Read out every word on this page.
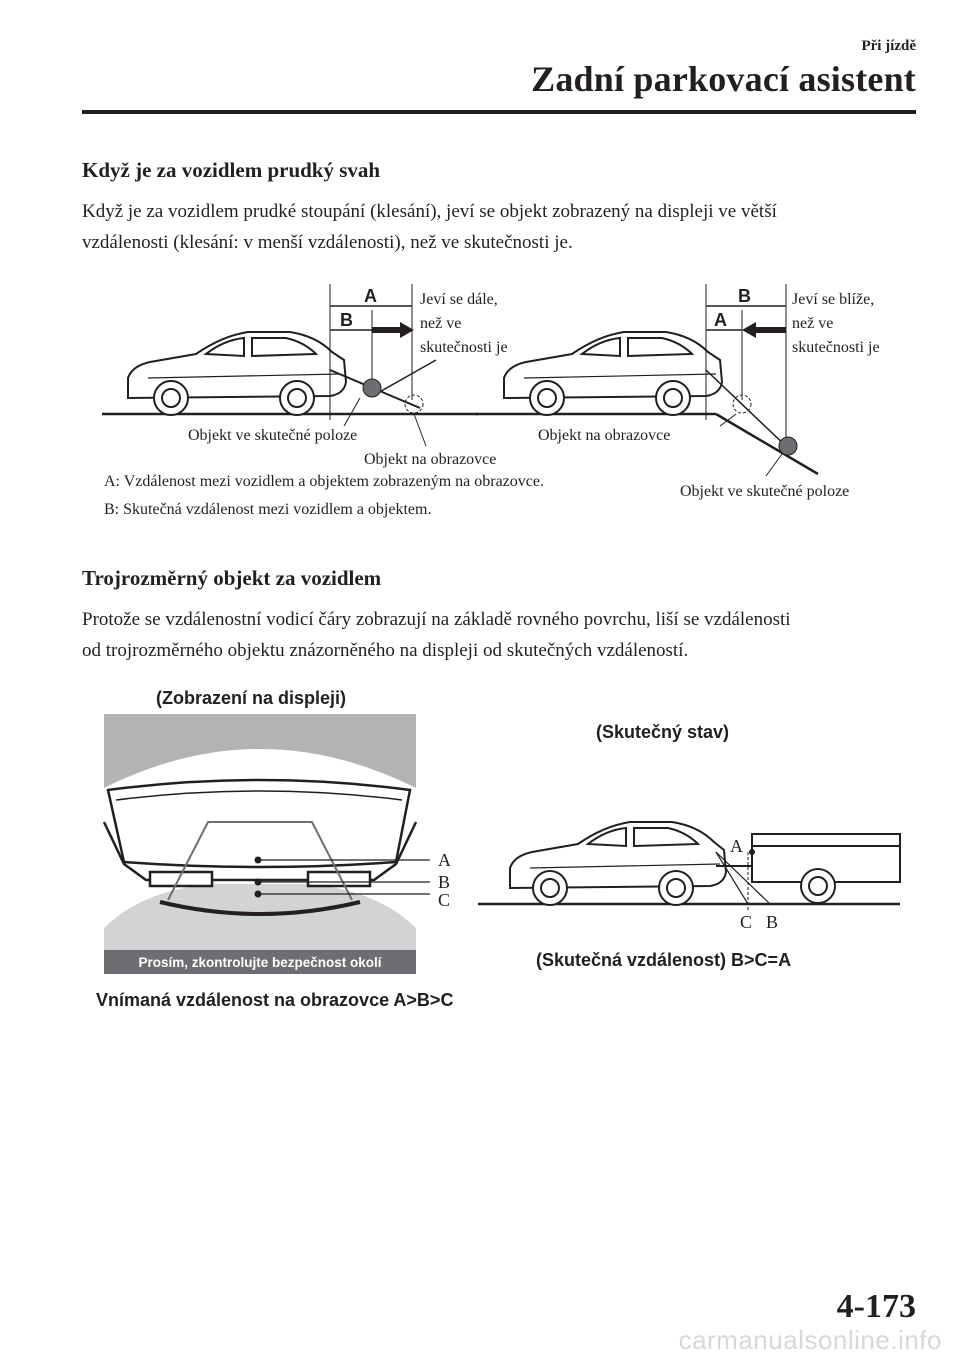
Při jízdě
Zadní parkovací asistent
Když je za vozidlem prudký svah
Když je za vozidlem prudké stoupání (klesání), jeví se objekt zobrazený na displeji ve větší
vzdálenosti (klesání: v menší vzdálenosti), než ve skutečnosti je.
A
B
Jeví se dále,
než ve
skutečnosti je
Objekt ve skutečné poloze
Objekt na obrazovce
B
A
Jeví se blíže,
než ve
skutečnosti je
Objekt na obrazovce
Objekt ve skutečné poloze
A: Vzdálenost mezi vozidlem a objektem zobrazeným na obrazovce.
B: Skutečná vzdálenost mezi vozidlem a objektem.
Trojrozměrný objekt za vozidlem
Protože se vzdálenostní vodicí čáry zobrazují na základě rovného povrchu, liší se vzdálenosti
od trojrozměrného objektu znázorněného na displeji od skutečných vzdáleností.
(Zobrazení na displeji)
A
B
C
Prosím, zkontrolujte bezpečnost okolí
Vnímaná vzdálenost na obrazovce A>B>C
(Skutečný stav)
A
C B
(Skutečná vzdálenost) B>C=A
4-173
carmanualsonline.info
